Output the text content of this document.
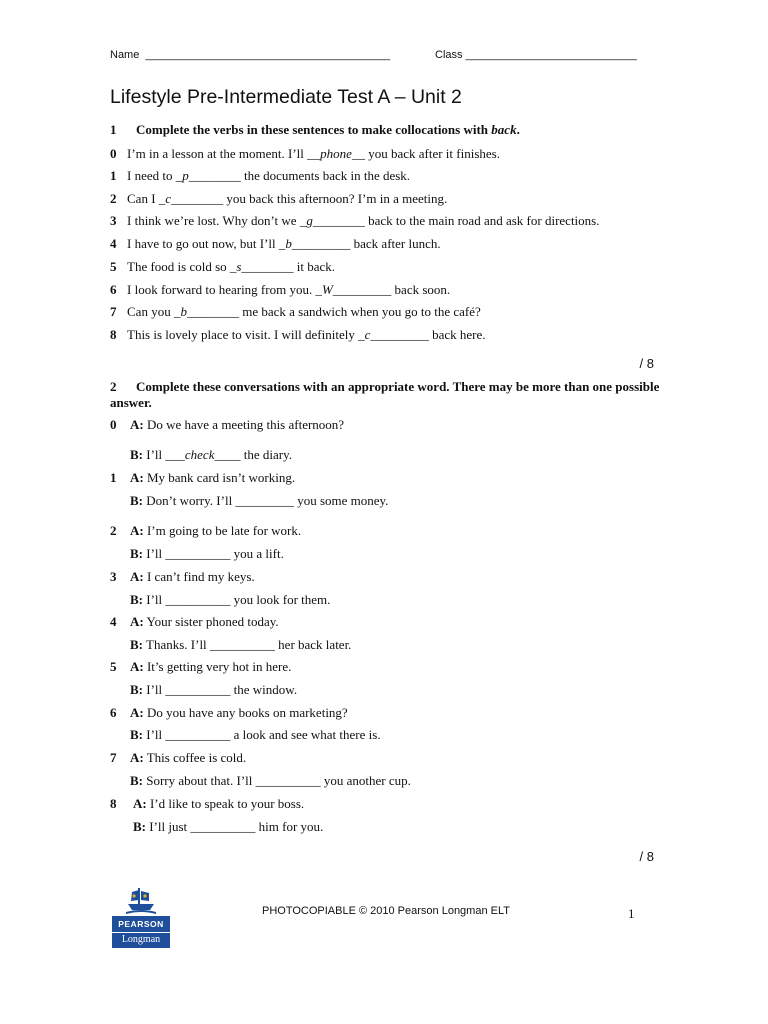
Name ________________________________________	Class ____________________________
Lifestyle Pre-Intermediate Test A – Unit 2
1 Complete the verbs in these sentences to make collocations with back.
0 I’m in a lesson at the moment. I’ll __phone__ you back after it finishes.
1 I need to _p________ the documents back in the desk.
2 Can I _c________ you back this afternoon? I’m in a meeting.
3 I think we’re lost. Why don’t we _g________ back to the main road and ask for directions.
4 I have to go out now, but I’ll _b_________ back after lunch.
5 The food is cold so _s________ it back.
6 I look forward to hearing from you. _W_________ back soon.
7 Can you _b________ me back a sandwich when you go to the café?
8 This is lovely place to visit. I will definitely _c_________ back here.
/ 8
2 Complete these conversations with an appropriate word. There may be more than one possible answer.
0 A: Do we have a meeting this afternoon?
B: I’ll ___check____ the diary.
1 A: My bank card isn’t working.
B: Don’t worry. I’ll _________ you some money.
2 A: I’m going to be late for work.
B: I’ll __________ you a lift.
3 A: I can’t find my keys.
B: I’ll __________ you look for them.
4 A: Your sister phoned today.
B: Thanks. I’ll __________ her back later.
5 A: It’s getting very hot in here.
B: I’ll __________ the window.
6 A: Do you have any books on marketing?
B: I’ll __________ a look and see what there is.
7 A: This coffee is cold.
B: Sorry about that. I’ll __________ you another cup.
8 A: I’d like to speak to your boss.
B: I’ll just __________ him for you.
/ 8
PEARSON
Longman
PHOTOCOPIABLE © 2010 Pearson Longman ELT	1
